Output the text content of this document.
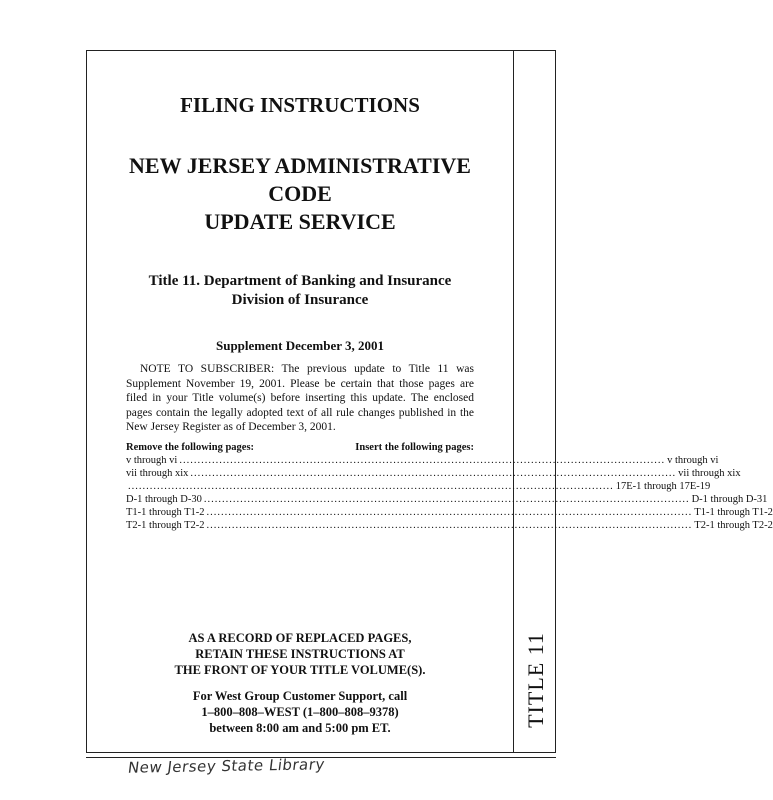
TITLE 11
FILING INSTRUCTIONS
NEW JERSEY ADMINISTRATIVE CODE
UPDATE SERVICE
Title 11. Department of Banking and Insurance
Division of Insurance
Supplement December 3, 2001
NOTE TO SUBSCRIBER: The previous update to Title 11 was Supplement November 19, 2001. Please be certain that those pages are filed in your Title volume(s) before inserting this update. The enclosed pages contain the legally adopted text of all rule changes published in the New Jersey Register as of December 3, 2001.
Remove the following pages:	Insert the following pages:
v through vi ...................................................................................................................................... v through vi
vii through xix ...................................................................................................................................... vii through xix
...................................................................................................................................... 17E-1 through 17E-19
D-1 through D-30 ...................................................................................................................................... D-1 through D-31
T1-1 through T1-2 ...................................................................................................................................... T1-1 through T1-2
T2-1 through T2-2 ...................................................................................................................................... T2-1 through T2-2
AS A RECORD OF REPLACED PAGES,
RETAIN THESE INSTRUCTIONS AT
THE FRONT OF YOUR TITLE VOLUME(S).
For West Group Customer Support, call
1–800–808–WEST (1–800–808–9378)
between 8:00 am and 5:00 pm ET.
New Jersey State Library
